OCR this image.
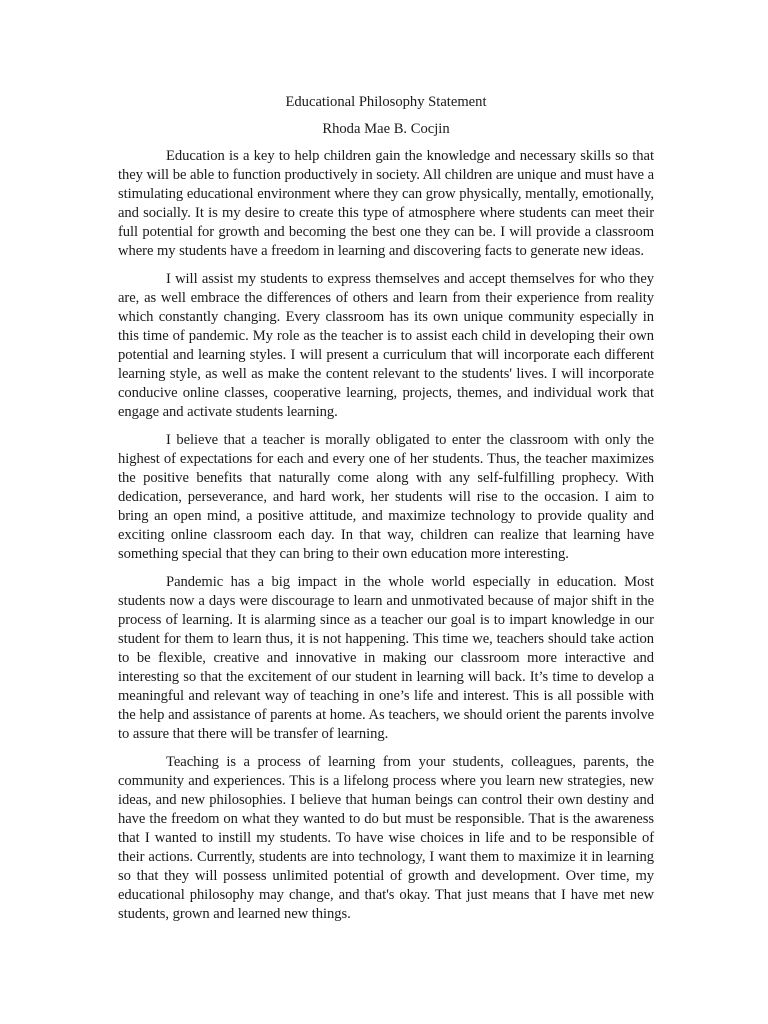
Educational Philosophy Statement
Rhoda Mae B. Cocjin

Education is a key to help children gain the knowledge and necessary skills so that they will be able to function productively in society. All children are unique and must have a stimulating educational environment where they can grow physically, mentally, emotionally, and socially. It is my desire to create this type of atmosphere where students can meet their full potential for growth and becoming the best one they can be. I will provide a classroom where my students have a freedom in learning and discovering facts to generate new ideas.

I will assist my students to express themselves and accept themselves for who they are, as well embrace the differences of others and learn from their experience from reality which constantly changing. Every classroom has its own unique community especially in this time of pandemic. My role as the teacher is to assist each child in developing their own potential and learning styles. I will present a curriculum that will incorporate each different learning style, as well as make the content relevant to the students' lives. I will incorporate conducive online classes, cooperative learning, projects, themes, and individual work that engage and activate students learning.

I believe that a teacher is morally obligated to enter the classroom with only the highest of expectations for each and every one of her students. Thus, the teacher maximizes the positive benefits that naturally come along with any self-fulfilling prophecy. With dedication, perseverance, and hard work, her students will rise to the occasion. I aim to bring an open mind, a positive attitude, and maximize technology to provide quality and exciting online classroom each day. In that way, children can realize that learning have something special that they can bring to their own education more interesting.

Pandemic has a big impact in the whole world especially in education. Most students now a days were discourage to learn and unmotivated because of major shift in the process of learning. It is alarming since as a teacher our goal is to impart knowledge in our student for them to learn thus, it is not happening. This time we, teachers should take action to be flexible, creative and innovative in making our classroom more interactive and interesting so that the excitement of our student in learning will back. It’s time to develop a meaningful and relevant way of teaching in one’s life and interest. This is all possible with the help and assistance of parents at home. As teachers, we should orient the parents involve to assure that there will be transfer of learning.

Teaching is a process of learning from your students, colleagues, parents, the community and experiences. This is a lifelong process where you learn new strategies, new ideas, and new philosophies. I believe that human beings can control their own destiny and have the freedom on what they wanted to do but must be responsible. That is the awareness that I wanted to instill my students. To have wise choices in life and to be responsible of their actions. Currently, students are into technology, I want them to maximize it in learning so that they will possess unlimited potential of growth and development. Over time, my educational philosophy may change, and that's okay. That just means that I have met new students, grown and learned new things.
